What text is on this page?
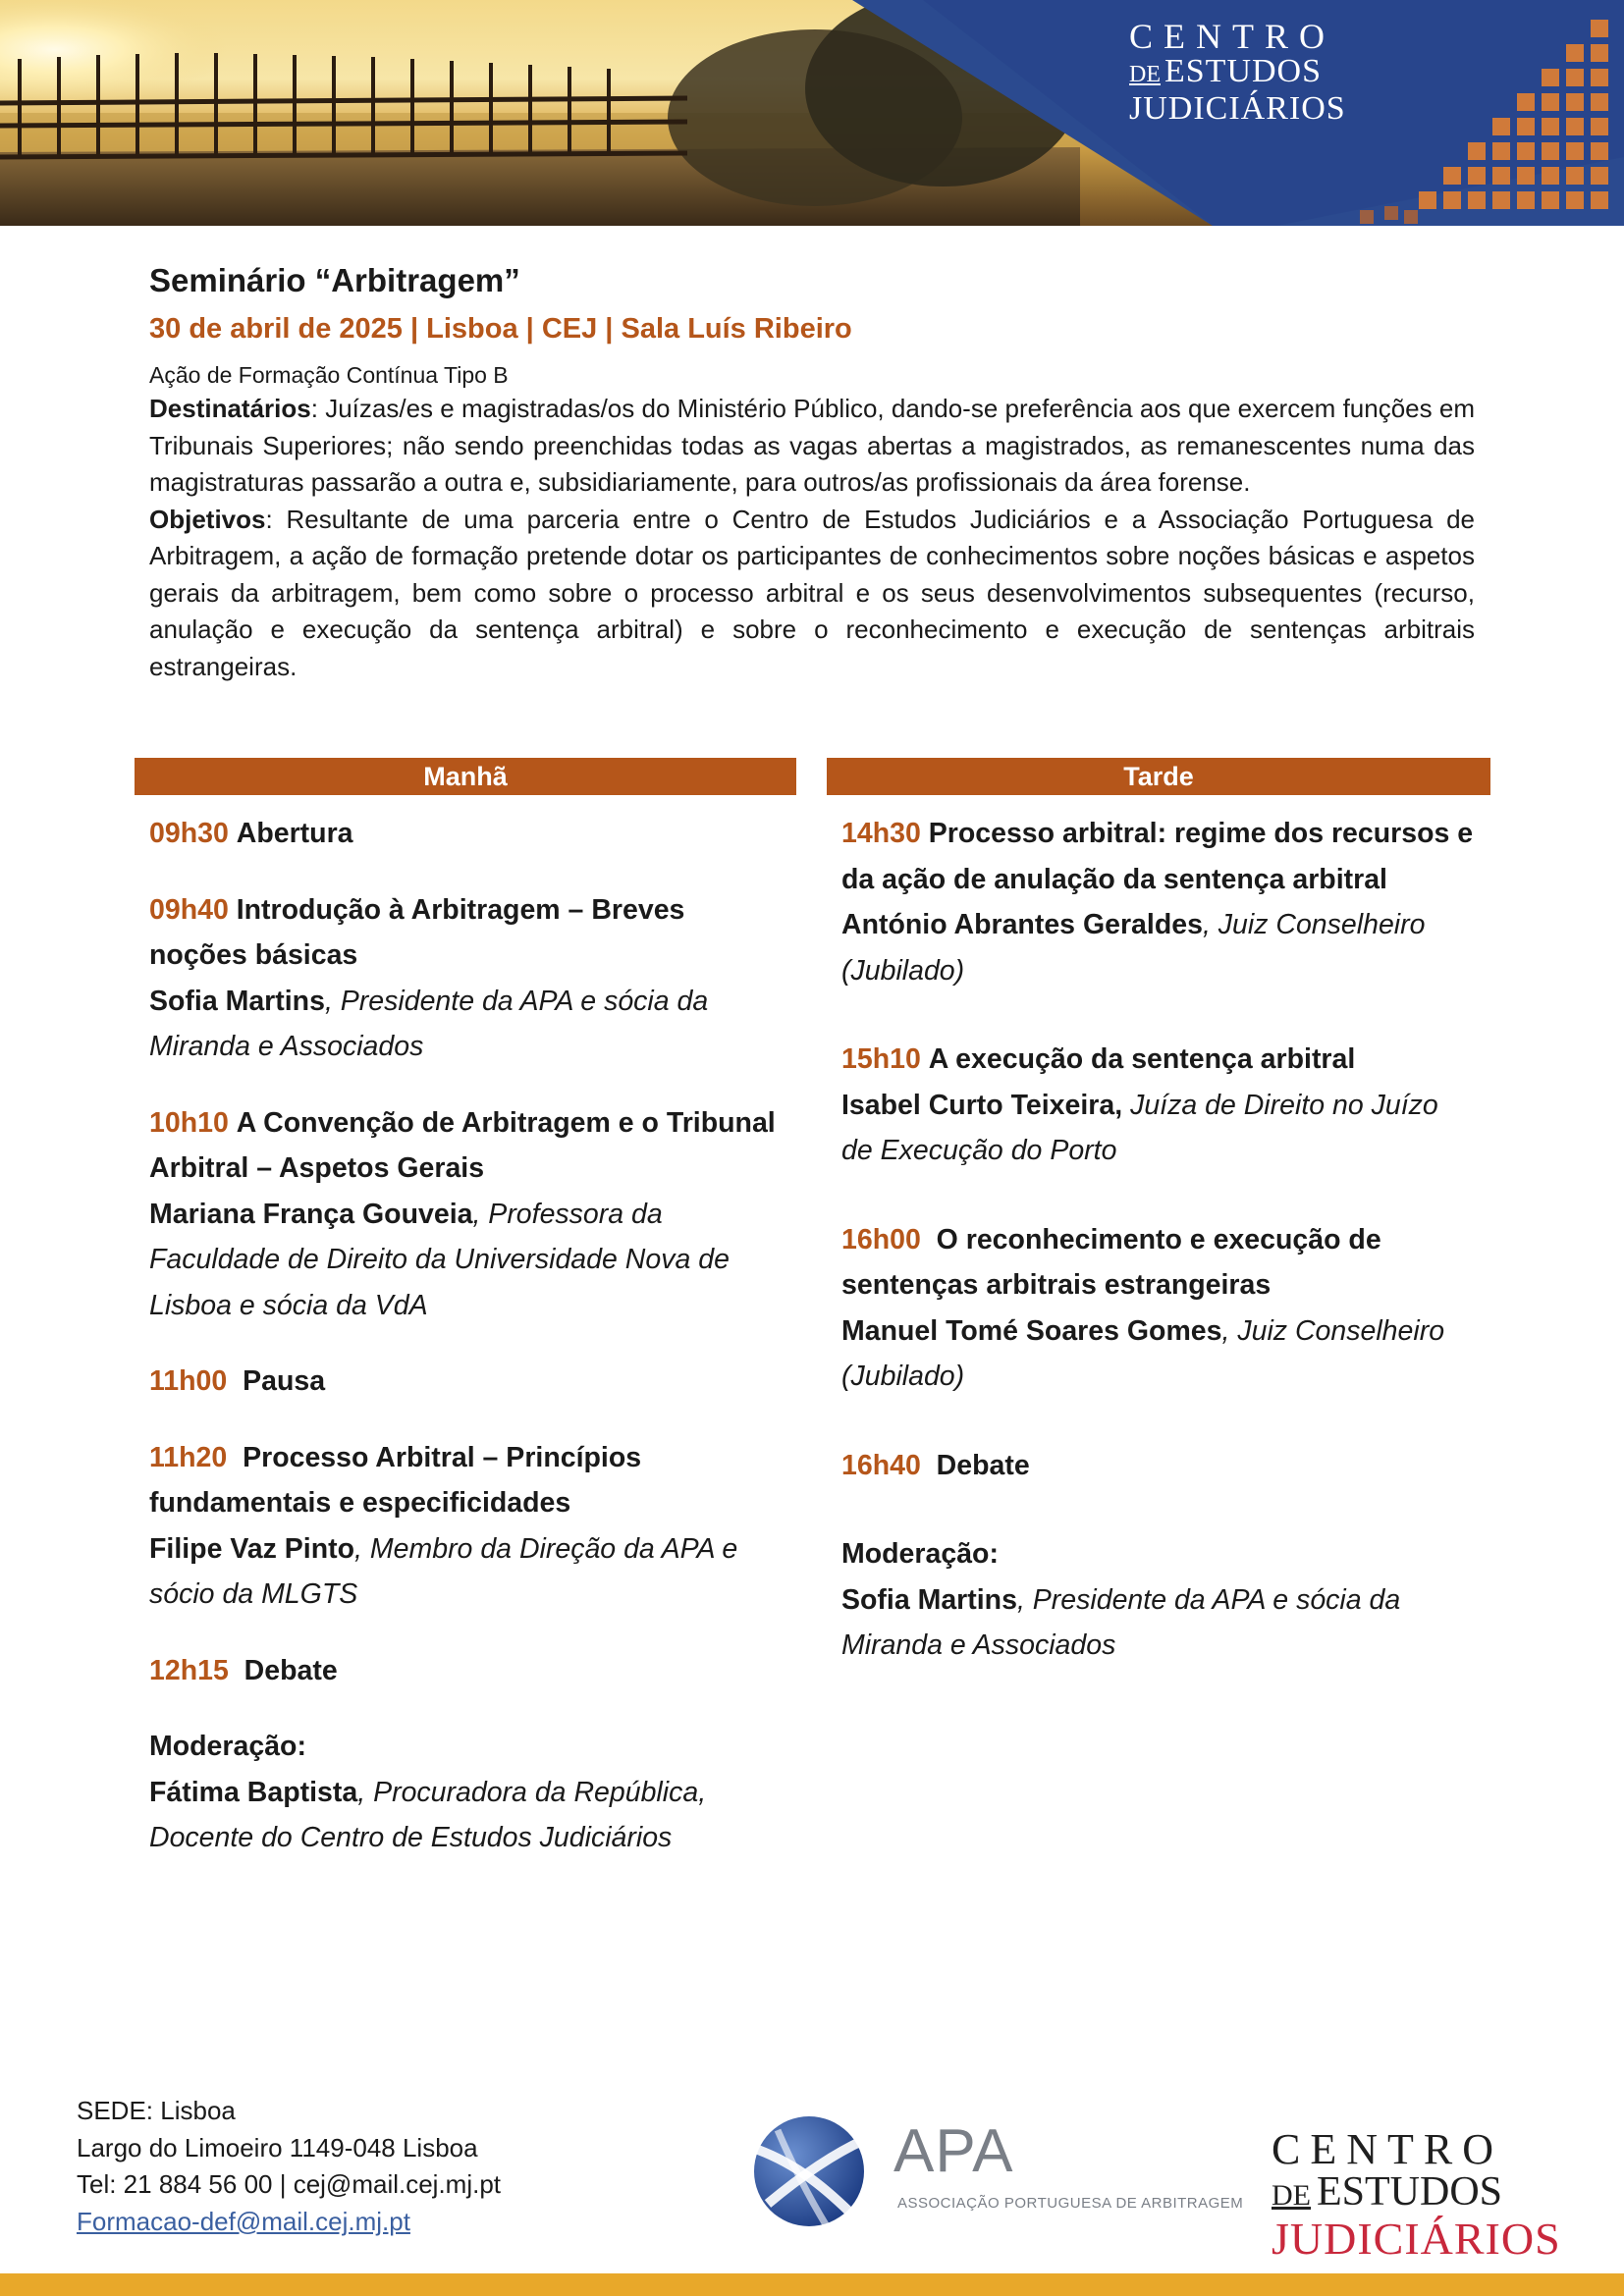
CENTRO
DE ESTUDOS
JUDICIÁRIOS
Seminário “Arbitragem”
30 de abril de 2025 | Lisboa | CEJ | Sala Luís Ribeiro
Ação de Formação Contínua Tipo B
Destinatários: Juízas/es e magistradas/os do Ministério Público, dando-se preferência aos que exercem funções em Tribunais Superiores; não sendo preenchidas todas as vagas abertas a magistrados, as remanescentes numa das magistraturas passarão a outra e, subsidiariamente, para outros/as profissionais da área forense.
Objetivos: Resultante de uma parceria entre o Centro de Estudos Judiciários e a Associação Portuguesa de Arbitragem, a ação de formação pretende dotar os participantes de conhecimentos sobre noções básicas e aspetos gerais da arbitragem, bem como sobre o processo arbitral e os seus desenvolvimentos subsequentes (recurso, anulação e execução da sentença arbitral) e sobre o reconhecimento e execução de sentenças arbitrais estrangeiras.
Manhã
09h30 Abertura
09h40 Introdução à Arbitragem – Breves noções básicas
Sofia Martins, Presidente da APA e sócia da Miranda e Associados
10h10 A Convenção de Arbitragem e o Tribunal Arbitral – Aspetos Gerais
Mariana França Gouveia, Professora da Faculdade de Direito da Universidade Nova de Lisboa e sócia da VdA
11h00 Pausa
11h20 Processo Arbitral – Princípios fundamentais e especificidades
Filipe Vaz Pinto, Membro da Direção da APA e sócio da MLGTS
12h15 Debate
Moderação:
Fátima Baptista, Procuradora da República, Docente do Centro de Estudos Judiciários
Tarde
14h30 Processo arbitral: regime dos recursos e da ação de anulação da sentença arbitral
António Abrantes Geraldes, Juiz Conselheiro (Jubilado)
15h10 A execução da sentença arbitral
Isabel Curto Teixeira, Juíza de Direito no Juízo de Execução do Porto
16h00 O reconhecimento e execução de sentenças arbitrais estrangeiras
Manuel Tomé Soares Gomes, Juiz Conselheiro (Jubilado)
16h40 Debate
Moderação:
Sofia Martins, Presidente da APA e sócia da Miranda e Associados
SEDE: Lisboa
Largo do Limoeiro 1149-048 Lisboa
Tel: 21 884 56 00 | cej@mail.cej.mj.pt
Formacao-def@mail.cej.mj.pt
APA
ASSOCIAÇÃO PORTUGUESA DE ARBITRAGEM
CENTRO
DE ESTUDOS
JUDICIÁRIOS
